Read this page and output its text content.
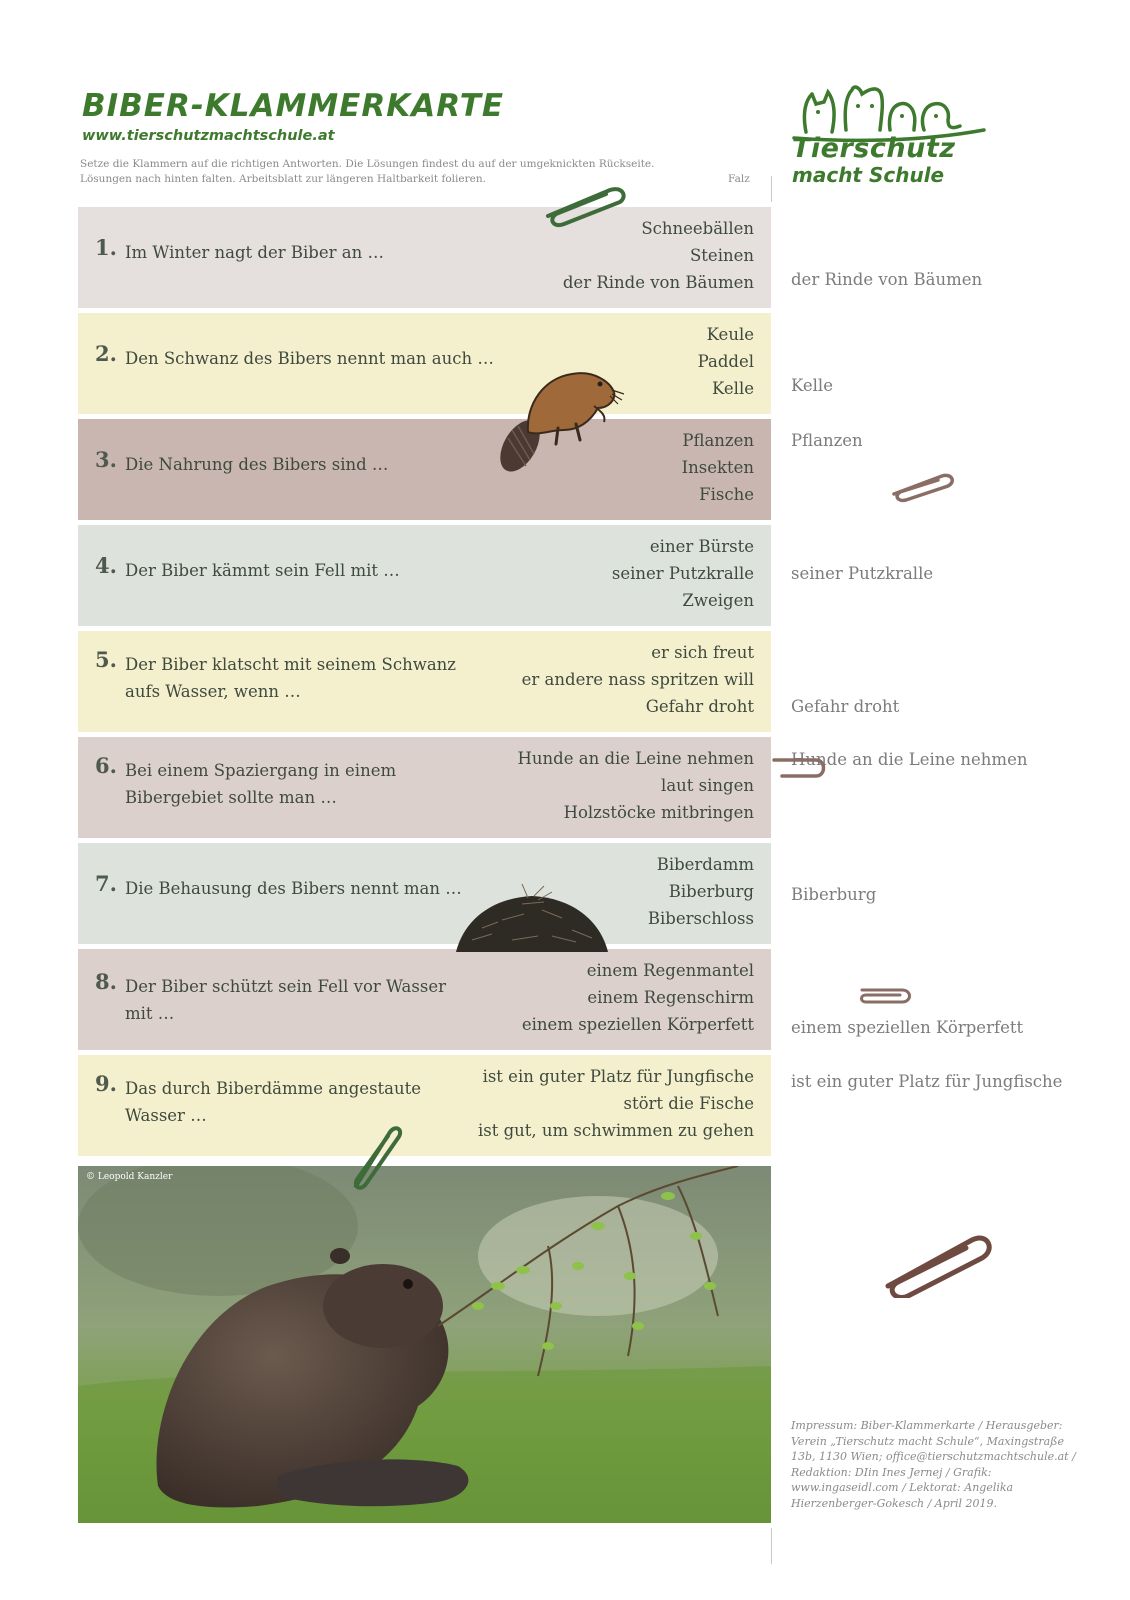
BIBER-KLAMMERKARTE
www.tierschutzmachtschule.at
Setze die Klammern auf die richtigen Antworten. Die Lösungen findest du auf der umgeknickten Rückseite.
Lösungen nach hinten falten. Arbeitsblatt zur längeren Haltbarkeit folieren.	Falz
Tierschutz
macht Schule
1. Im Winter nagt der Biber an …
Schneebällen
Steinen
der Rinde von Bäumen
2. Den Schwanz des Bibers nennt man auch …
Keule
Paddel
Kelle
3. Die Nahrung des Bibers sind …
Pflanzen
Insekten
Fische
4. Der Biber kämmt sein Fell mit …
einer Bürste
seiner Putzkralle
Zweigen
5. Der Biber klatscht mit seinem Schwanz aufs Wasser, wenn …
er sich freut
er andere nass spritzen will
Gefahr droht
6. Bei einem Spaziergang in einem Bibergebiet sollte man …
Hunde an die Leine nehmen
laut singen
Holzstöcke mitbringen
7. Die Behausung des Bibers nennt man …
Biberdamm
Biberburg
Biberschloss
8. Der Biber schützt sein Fell vor Wasser mit …
einem Regenmantel
einem Regenschirm
einem speziellen Körperfett
9. Das durch Biberdämme angestaute Wasser …
ist ein guter Platz für Jungfische
stört die Fische
ist gut, um schwimmen zu gehen
der Rinde von Bäumen
Kelle
Pflanzen
seiner Putzkralle
Gefahr droht
Hunde an die Leine nehmen
Biberburg
einem speziellen Körperfett
ist ein guter Platz für Jungfische
© Leopold Kanzler
Impressum: Biber-Klammerkarte / Herausgeber: Verein „Tierschutz macht Schule“, Maxingstraße 13b, 1130 Wien; office@tierschutzmachtschule.at / Redaktion: DIin Ines Jernej / Grafik: www.ingaseidl.com / Lektorat: Angelika Hierzenberger-Gokesch / April 2019.
